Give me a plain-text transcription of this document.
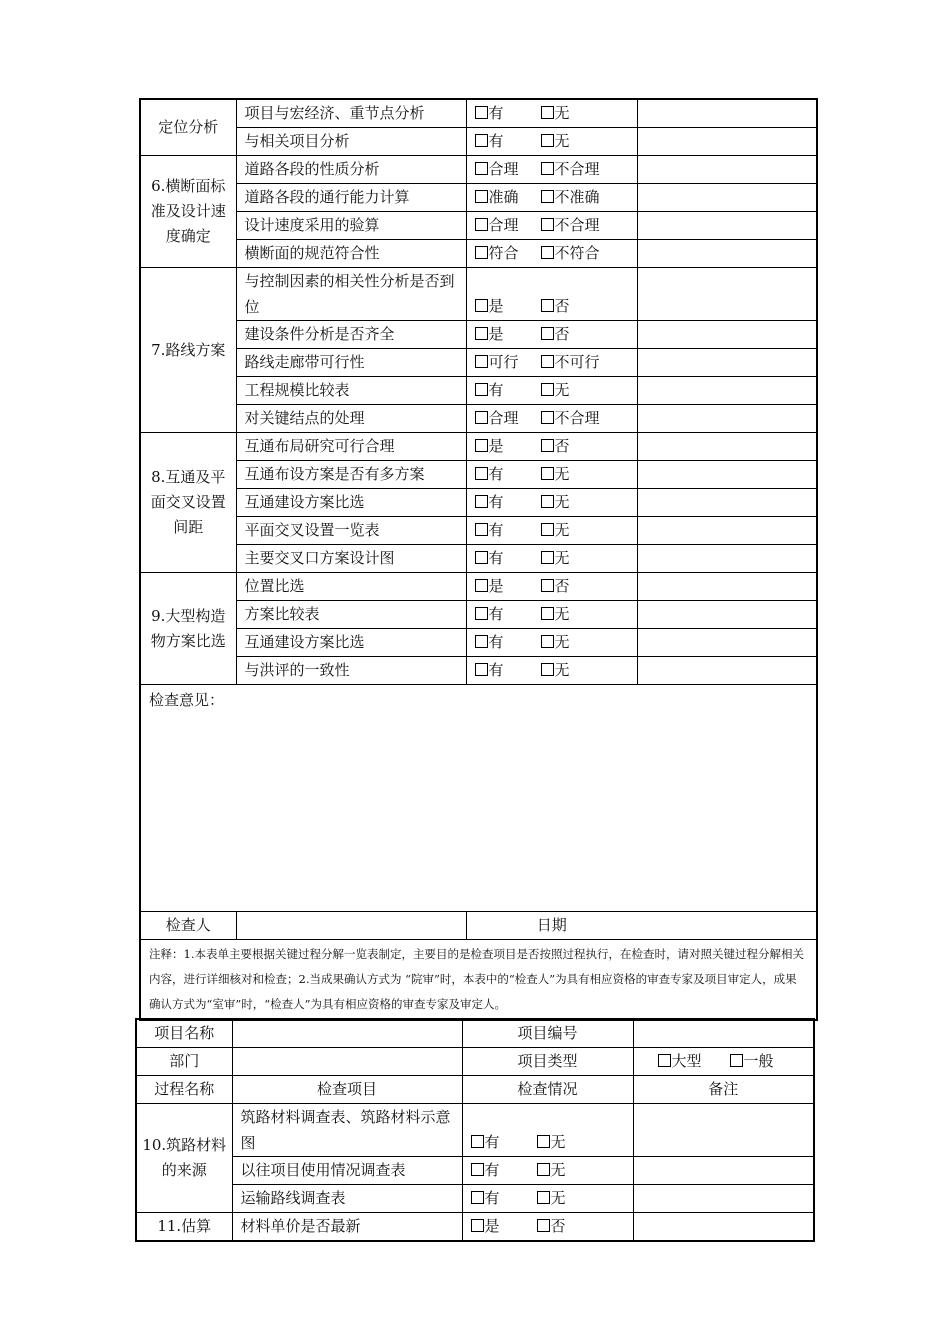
定位分析	项目与宏经济、重节点分析	有 无	
	与相关项目分析	有 无	
6.横断面标准及设计速度确定	道路各段的性质分析	合理 不合理	
	道路各段的通行能力计算	准确 不准确	
	设计速度采用的验算	合理 不合理	
	横断面的规范符合性	符合 不符合	
7.路线方案	与控制因素的相关性分析是否到位	是 否	
	建设条件分析是否齐全	是 否	
	路线走廊带可行性	可行 不可行	
	工程规模比较表	有 无	
	对关键结点的处理	合理 不合理	
8.互通及平面交叉设置间距	互通布局研究可行合理	是 否	
	互通布设方案是否有多方案	有 无	
	互通建设方案比选	有 无	
	平面交叉设置一览表	有 无	
	主要交叉口方案设计图	有 无	
9.大型构造物方案比选	位置比选	是 否	
	方案比较表	有 无	
	互通建设方案比选	有 无	
	与洪评的一致性	有 无	
检查意见：			
检查人		日期	
注释：1.本表单主要根据关键过程分解一览表制定，主要目的是检查项目是否按照过程执行，在检查时，请对照关键过程分解相关内容，进行详细核对和检查；2.当成果确认方式为 “院审”时，本表中的“检查人”为具有相应资格的审查专家及项目审定人，成果确认方式为“室审”时，“检查人”为具有相应资格的审查专家及审定人。			
项目名称		项目编号	
部门		项目类型	大型 一般
过程名称	检查项目	检查情况	备注
10.筑路材料的来源	筑路材料调查表、筑路材料示意图	有 无	
	以往项目使用情况调查表	有 无	
	运输路线调查表	有 无	
11.估算	材料单价是否最新	是 否	
